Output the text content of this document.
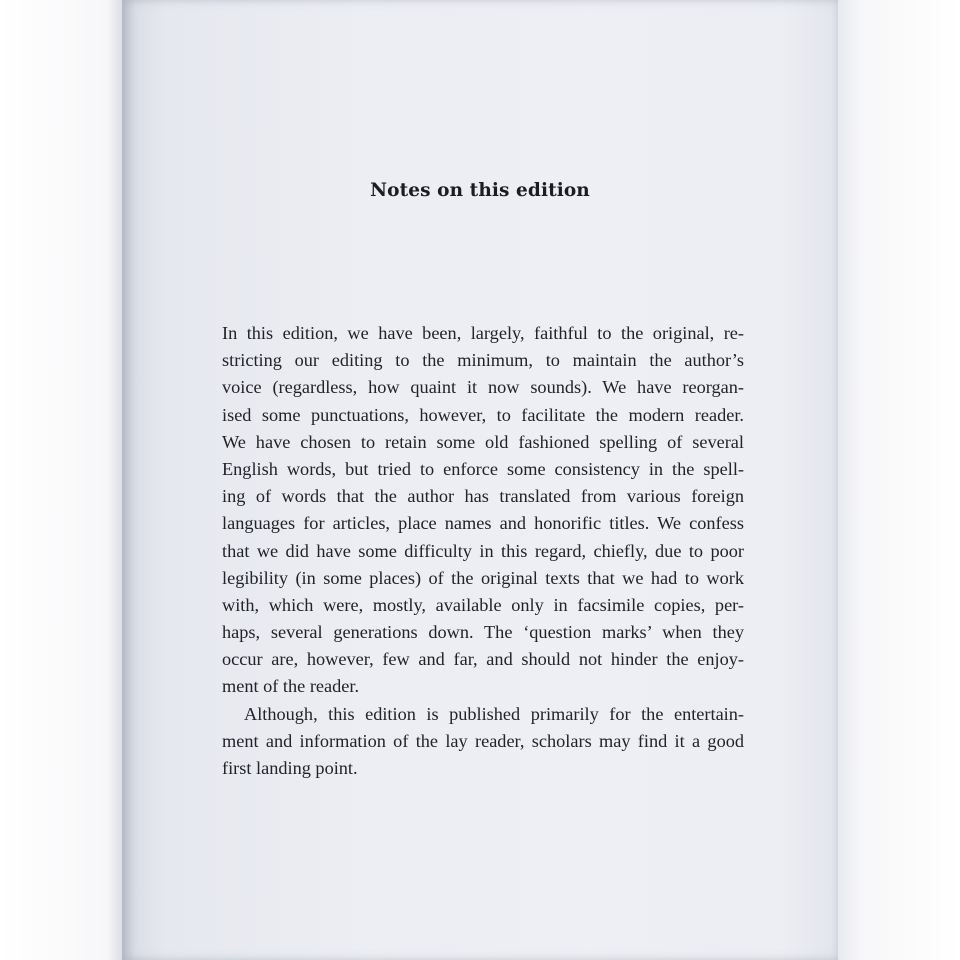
Notes on this edition
In this edition, we have been, largely, faithful to the original, re-
stricting our editing to the minimum, to maintain the author’s
voice (regardless, how quaint it now sounds). We have reorgan-
ised some punctuations, however, to facilitate the modern reader.
We have chosen to retain some old fashioned spelling of several
English words, but tried to enforce some consistency in the spell-
ing of words that the author has translated from various foreign
languages for articles, place names and honorific titles. We confess
that we did have some difficulty in this regard, chiefly, due to poor
legibility (in some places) of the original texts that we had to work
with, which were, mostly, available only in facsimile copies, per-
haps, several generations down. The ‘question marks’ when they
occur are, however, few and far, and should not hinder the enjoy-
ment of the reader.
Although, this edition is published primarily for the entertain-
ment and information of the lay reader, scholars may find it a good
first landing point.
